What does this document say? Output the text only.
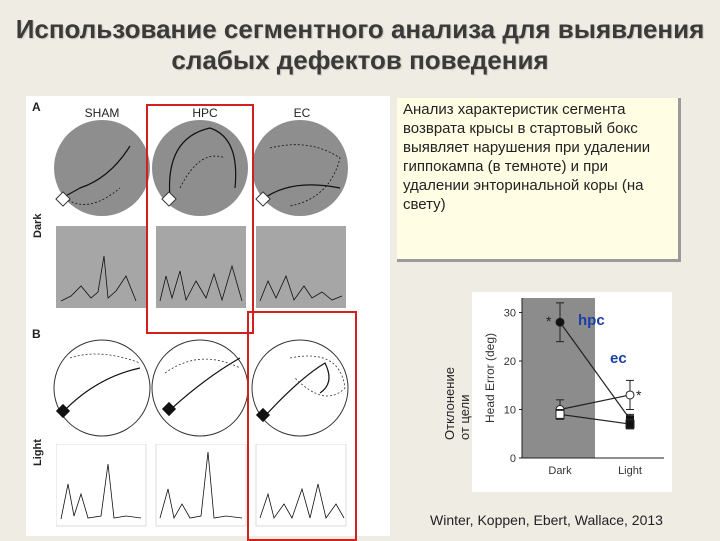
Использование сегментного анализа для выявления слабых дефектов поведения
A
B
SHAM	HPC	EC
Dark
Light
Анализ характеристик сегмента возврата крысы в стартовый бокс выявляет нарушения при удалении гиппокампа (в темноте) и при удалении энторинальной коры (на свету)
Отклонение от цели
0
10
20
30
Head Error (deg)
Dark	Light
hpc
ec
*
*
Winter, Koppen, Ebert, Wallace, 2013
